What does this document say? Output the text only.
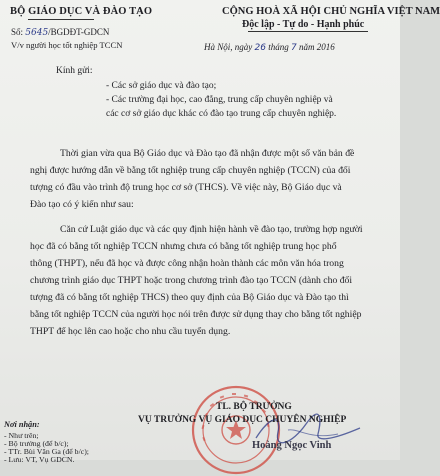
BỘ GIÁO DỤC VÀ ĐÀO TẠO
Số: 5645/BGDĐT-GDCN
V/v người học tốt nghiệp TCCN
CỘNG HOÀ XÃ HỘI CHỦ NGHĨA VIỆT NAM
Độc lập - Tự do - Hạnh phúc
Hà Nội, ngày 26 tháng 7 năm 2016
Kính gửi:
- Các sở giáo dục và đào tạo;
- Các trường đại học, cao đẳng, trung cấp chuyên nghiệp và
các cơ sở giáo dục khác có đào tạo trung cấp chuyên nghiệp.
Thời gian vừa qua Bộ Giáo dục và Đào tạo đã nhận được một số văn bản đề
nghị được hướng dẫn về bằng tốt nghiệp trung cấp chuyên nghiệp (TCCN) của đối
tượng có đầu vào trình độ trung học cơ sở (THCS). Về việc này, Bộ Giáo dục và
Đào tạo có ý kiến như sau:
Căn cứ Luật giáo dục và các quy định hiện hành về đào tạo, trường hợp người
học đã có bằng tốt nghiệp TCCN nhưng chưa có bằng tốt nghiệp trung học phổ
thông (THPT), nếu đã học và được công nhận hoàn thành các môn văn hóa trong
chương trình giáo dục THPT hoặc trong chương trình đào tạo TCCN (dành cho đối
tượng đã có bằng tốt nghiệp THCS) theo quy định của Bộ Giáo dục và Đào tạo thì
bằng tốt nghiệp TCCN của người học nói trên được sử dụng thay cho bằng tốt nghiệp
THPT để học lên cao hoặc cho nhu cầu tuyển dụng.
TL. BỘ TRƯỞNG
VỤ TRƯỞNG VỤ GIÁO DỤC CHUYÊN NGHIỆP
Hoàng Ngọc Vinh
Nơi nhận:
- Như trên;
- Bộ trưởng (để b/c);
- TTr. Bùi Văn Ga (để b/c);
- Lưu: VT, Vụ GDCN.
